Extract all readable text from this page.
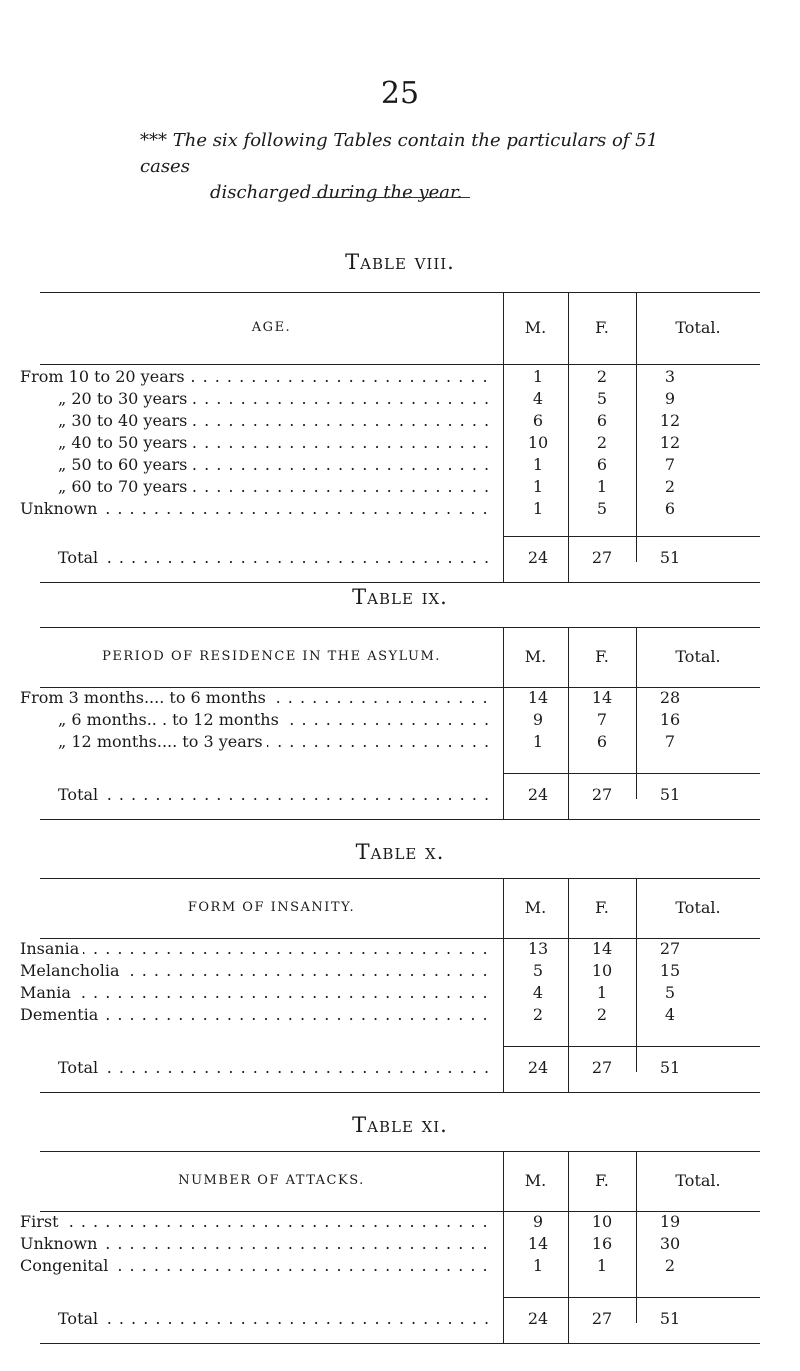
25
*** The six following Tables contain the particulars of 51 cases
discharged during the year.
Table viii.
AGE.	M.	F.	Total.
From 10 to 20 years . . .	1	2	3
„ 20 to 30 years . . .	4	5	9
„ 30 to 40 years . . .	6	6	12
„ 40 to 50 years . . .	10	2	12
„ 50 to 60 years . . .	1	6	7
„ 60 to 70 years . . .	1	1	2
Unknown . . .	1	5	6
Total . . .	24	27	51
Table ix.
PERIOD OF RESIDENCE IN THE ASYLUM.	M.	F.	Total.
From 3 months.... to 6 months . . .	14	14	28
„ 6 months.. . to 12 months . . .	9	7	16
„ 12 months.... to 3 years . . .	1	6	7
Total . . .	24	27	51
Table x.
FORM OF INSANITY.	M.	F.	Total.
Insania . . .	13	14	27
Melancholia . . .	5	10	15
Mania . . .	4	1	5
Dementia . . .	2	2	4
Total . . .	24	27	51
Table xi.
NUMBER OF ATTACKS.	M.	F.	Total.
First . . .	9	10	19
Unknown . . .	14	16	30
Congenital . . .	1	1	2
Total . . .	24	27	51
